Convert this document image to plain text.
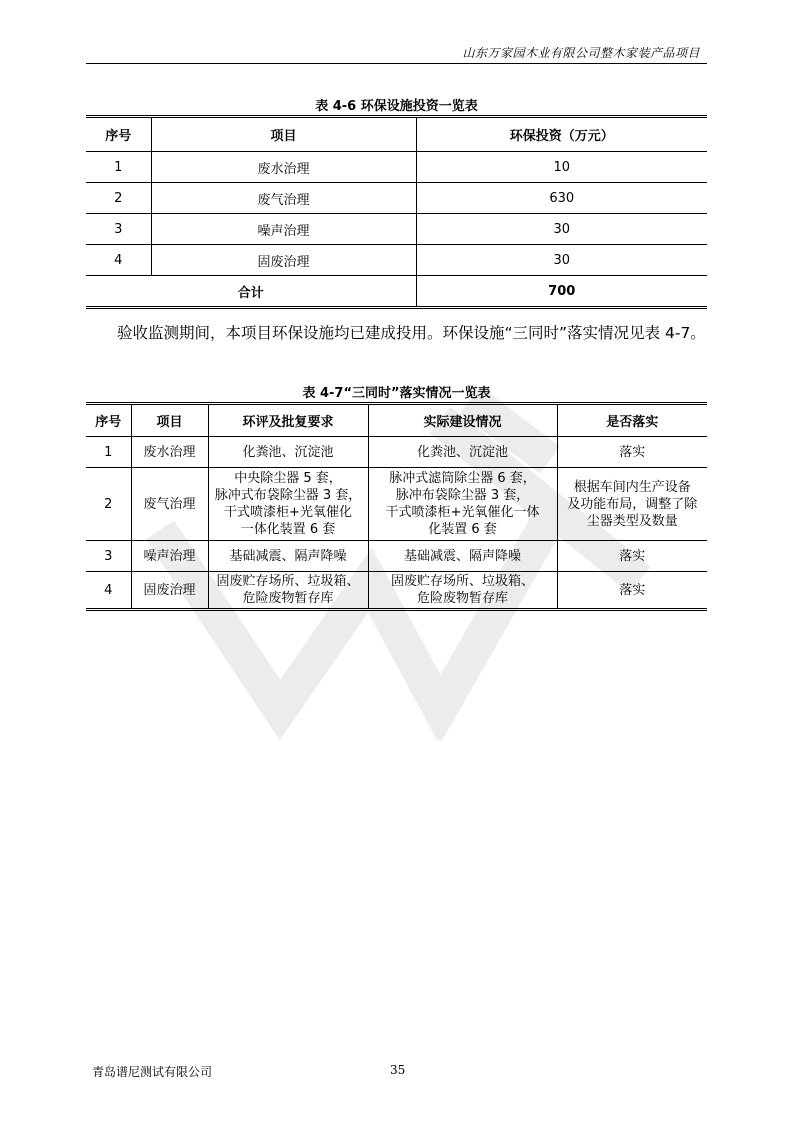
山东万家园木业有限公司整木家装产品项目
表 4-6 环保设施投资一览表
序号	项目	环保投资（万元）
1	废水治理	10
2	废气治理	630
3	噪声治理	30
4	固废治理	30
合计		700
验收监测期间，本项目环保设施均已建成投用。环保设施“三同时”落实情况见表 4-7。
表 4-7“三同时”落实情况一览表
序号	项目	环评及批复要求	实际建设情况	是否落实
1	废水治理	化粪池、沉淀池	化粪池、沉淀池	落实
2	废气治理	中央除尘器 5 套，
脉冲式布袋除尘器 3 套，
干式喷漆柜+光氧催化
一体化装置 6 套	脉冲式滤筒除尘器 6 套，
脉冲布袋除尘器 3 套，
干式喷漆柜+光氧催化一体
化装置 6 套	根据车间内生产设备
及功能布局，调整了除
尘器类型及数量
3	噪声治理	基础减震、隔声降噪	基础减震、隔声降噪	落实
4	固废治理	固废贮存场所、垃圾箱、
危险废物暂存库	固废贮存场所、垃圾箱、
危险废物暂存库	落实
青岛谱尼测试有限公司	35
